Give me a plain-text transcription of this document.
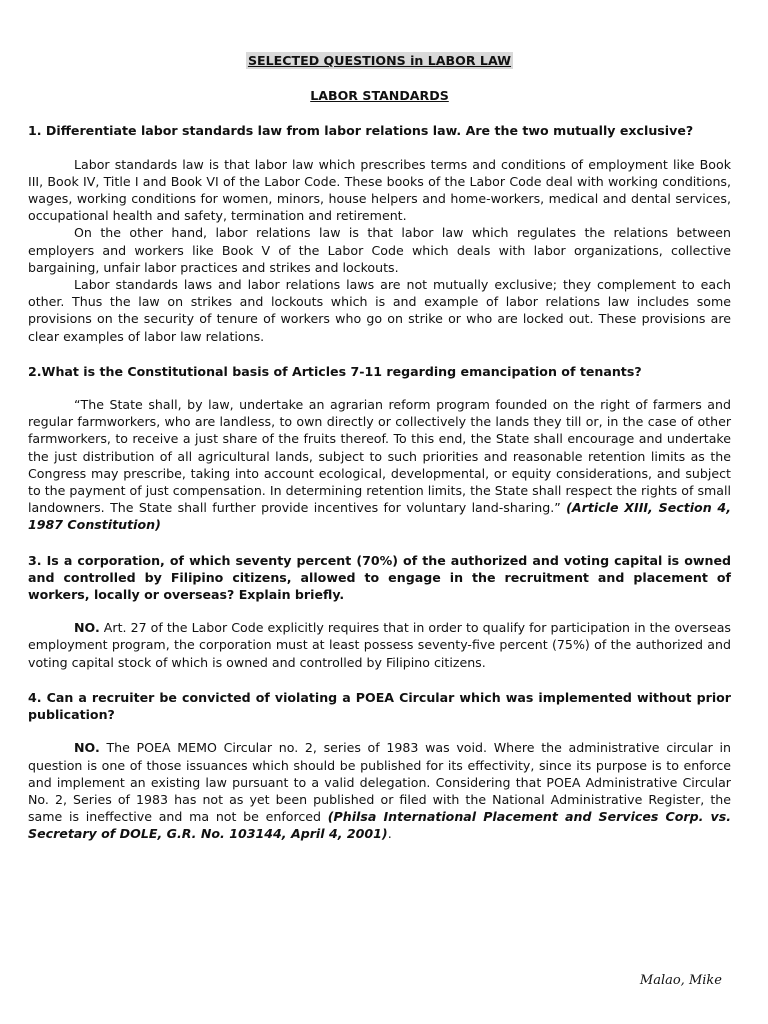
SELECTED QUESTIONS in LABOR LAW

LABOR STANDARDS

1. Differentiate labor standards law from labor relations law. Are the two mutually exclusive?

Labor standards law is that labor law which prescribes terms and conditions of employment like Book III, Book IV, Title I and Book VI of the Labor Code. These books of the Labor Code deal with working conditions, wages, working conditions for women, minors, house helpers and home-workers, medical and dental services, occupational health and safety, termination and retirement.

On the other hand, labor relations law is that labor law which regulates the relations between employers and workers like Book V of the Labor Code which deals with labor organizations, collective bargaining, unfair labor practices and strikes and lockouts.

Labor standards laws and labor relations laws are not mutually exclusive; they complement to each other. Thus the law on strikes and lockouts which is and example of labor relations law includes some provisions on the security of tenure of workers who go on strike or who are locked out. These provisions are clear examples of labor law relations.

2.What is the Constitutional basis of Articles 7-11 regarding emancipation of tenants?

“The State shall, by law, undertake an agrarian reform program founded on the right of farmers and regular farmworkers, who are landless, to own directly or collectively the lands they till or, in the case of other farmworkers, to receive a just share of the fruits thereof. To this end, the State shall encourage and undertake the just distribution of all agricultural lands, subject to such priorities and reasonable retention limits as the Congress may prescribe, taking into account ecological, developmental, or equity considerations, and subject to the payment of just compensation. In determining retention limits, the State shall respect the rights of small landowners. The State shall further provide incentives for voluntary land-sharing.” (Article XIII, Section 4, 1987 Constitution)

3. Is a corporation, of which seventy percent (70%) of the authorized and voting capital is owned and controlled by Filipino citizens, allowed to engage in the recruitment and placement of workers, locally or overseas? Explain briefly.

NO. Art. 27 of the Labor Code explicitly requires that in order to qualify for participation in the overseas employment program, the corporation must at least possess seventy-five percent (75%) of the authorized and voting capital stock of which is owned and controlled by Filipino citizens.

4. Can a recruiter be convicted of violating a POEA Circular which was implemented without prior publication?

NO. The POEA MEMO Circular no. 2, series of 1983 was void. Where the administrative circular in question is one of those issuances which should be published for its effectivity, since its purpose is to enforce and implement an existing law pursuant to a valid delegation. Considering that POEA Administrative Circular No. 2, Series of 1983 has not as yet been published or filed with the National Administrative Register, the same is ineffective and ma not be enforced (Philsa International Placement and Services Corp. vs. Secretary of DOLE, G.R. No. 103144, April 4, 2001).

Malao, Mike
